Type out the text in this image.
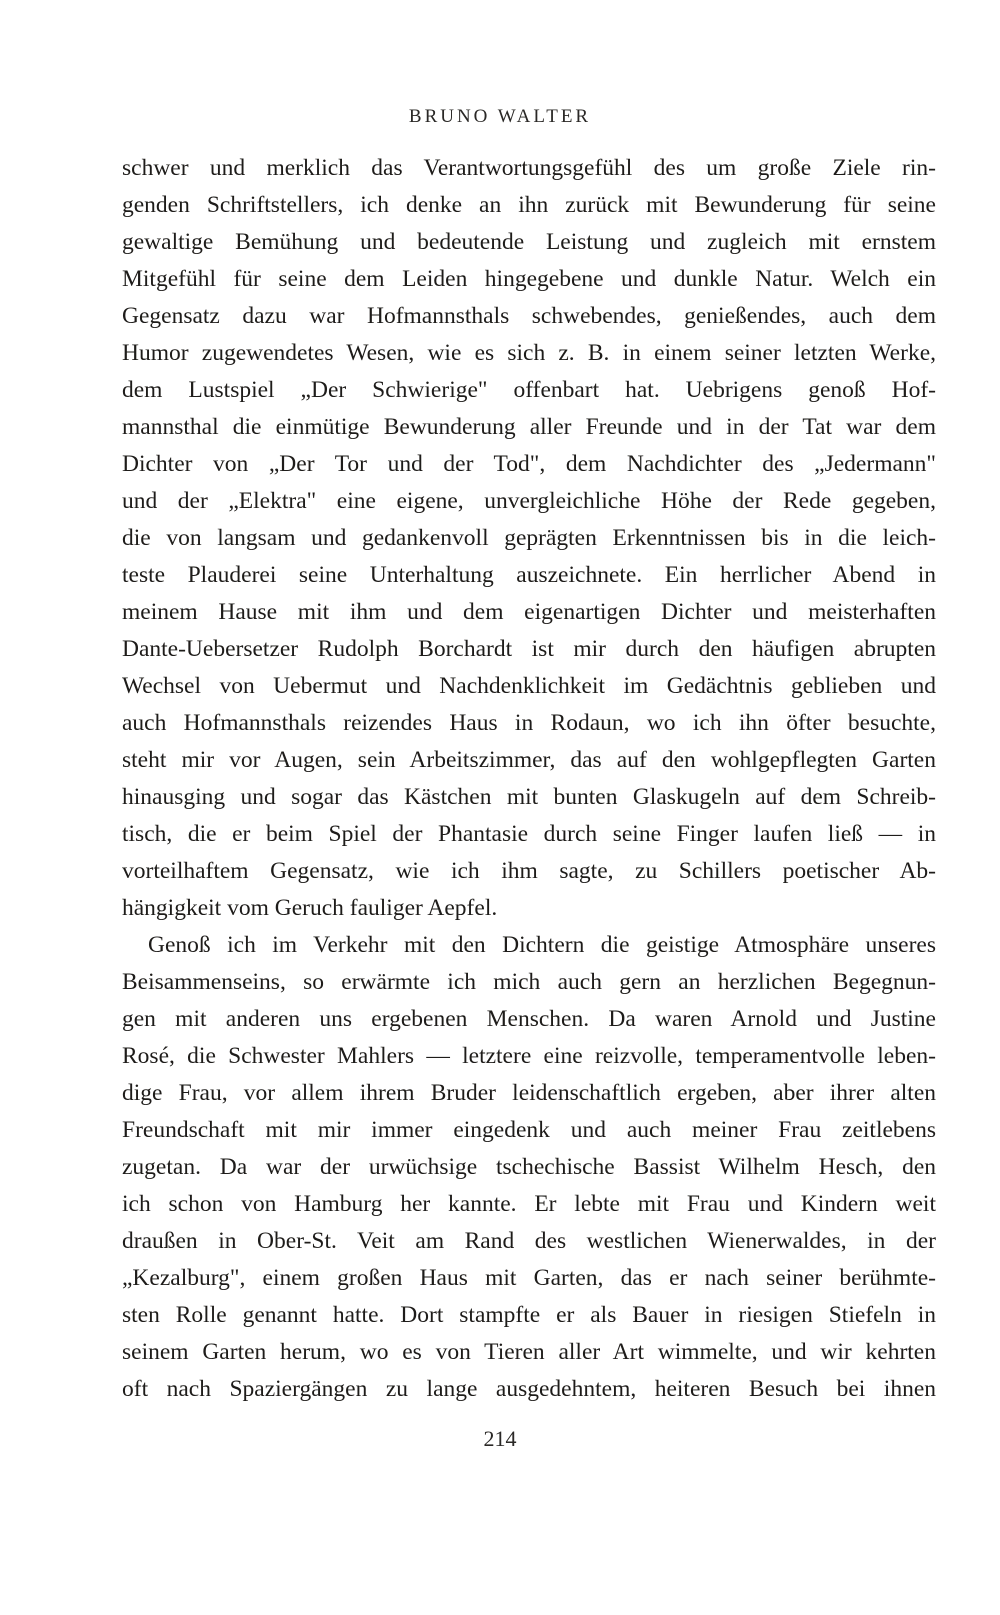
BRUNO WALTER
schwer und merklich das Verantwortungsgefühl des um große Ziele rin-
genden Schriftstellers, ich denke an ihn zurück mit Bewunderung für seine
gewaltige Bemühung und bedeutende Leistung und zugleich mit ernstem
Mitgefühl für seine dem Leiden hingegebene und dunkle Natur. Welch ein
Gegensatz dazu war Hofmannsthals schwebendes, genießendes, auch dem
Humor zugewendetes Wesen, wie es sich z. B. in einem seiner letzten Werke,
dem Lustspiel „Der Schwierige" offenbart hat. Uebrigens genoß Hof-
mannsthal die einmütige Bewunderung aller Freunde und in der Tat war dem
Dichter von „Der Tor und der Tod", dem Nachdichter des „Jedermann"
und der „Elektra" eine eigene, unvergleichliche Höhe der Rede gegeben,
die von langsam und gedankenvoll geprägten Erkenntnissen bis in die leich-
teste Plauderei seine Unterhaltung auszeichnete. Ein herrlicher Abend in
meinem Hause mit ihm und dem eigenartigen Dichter und meisterhaften
Dante-Uebersetzer Rudolph Borchardt ist mir durch den häufigen abrupten
Wechsel von Uebermut und Nachdenklichkeit im Gedächtnis geblieben und
auch Hofmannsthals reizendes Haus in Rodaun, wo ich ihn öfter besuchte,
steht mir vor Augen, sein Arbeitszimmer, das auf den wohlgepflegten Garten
hinausging und sogar das Kästchen mit bunten Glaskugeln auf dem Schreib-
tisch, die er beim Spiel der Phantasie durch seine Finger laufen ließ — in
vorteilhaftem Gegensatz, wie ich ihm sagte, zu Schillers poetischer Ab-
hängigkeit vom Geruch fauliger Aepfel.
Genoß ich im Verkehr mit den Dichtern die geistige Atmosphäre unseres
Beisammenseins, so erwärmte ich mich auch gern an herzlichen Begegnun-
gen mit anderen uns ergebenen Menschen. Da waren Arnold und Justine
Rosé, die Schwester Mahlers — letztere eine reizvolle, temperamentvolle leben-
dige Frau, vor allem ihrem Bruder leidenschaftlich ergeben, aber ihrer alten
Freundschaft mit mir immer eingedenk und auch meiner Frau zeitlebens
zugetan. Da war der urwüchsige tschechische Bassist Wilhelm Hesch, den
ich schon von Hamburg her kannte. Er lebte mit Frau und Kindern weit
draußen in Ober-St. Veit am Rand des westlichen Wienerwaldes, in der
„Kezalburg", einem großen Haus mit Garten, das er nach seiner berühmte-
sten Rolle genannt hatte. Dort stampfte er als Bauer in riesigen Stiefeln in
seinem Garten herum, wo es von Tieren aller Art wimmelte, und wir kehrten
oft nach Spaziergängen zu lange ausgedehntem, heiteren Besuch bei ihnen
214
